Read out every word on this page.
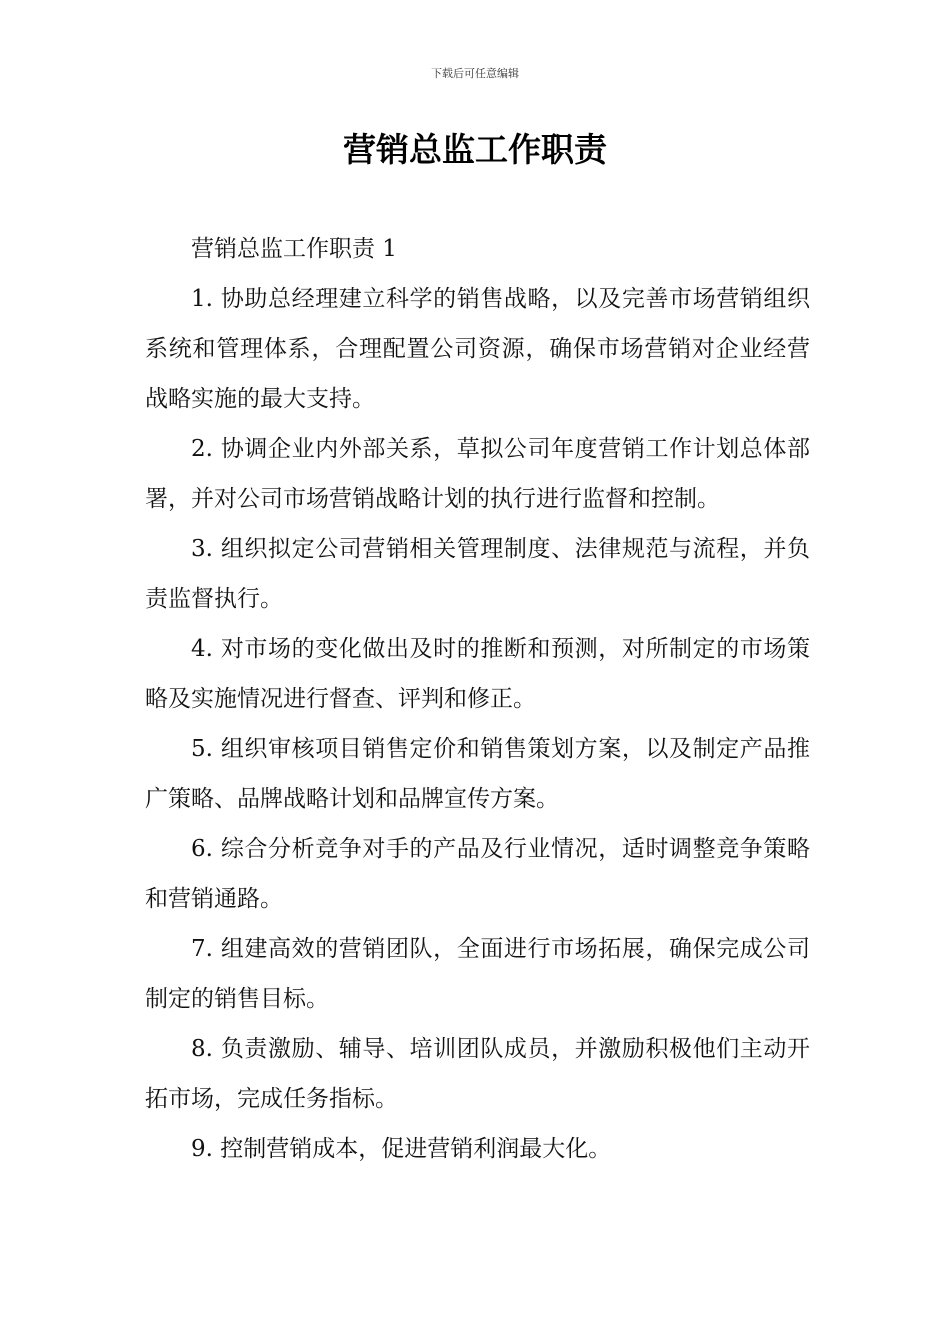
下载后可任意编辑
营销总监工作职责

营销总监工作职责 1

1. 协助总经理建立科学的销售战略，以及完善市场营销组织系统和管理体系，合理配置公司资源，确保市场营销对企业经营战略实施的最大支持。

2. 协调企业内外部关系，草拟公司年度营销工作计划总体部署，并对公司市场营销战略计划的执行进行监督和控制。

3. 组织拟定公司营销相关管理制度、法律规范与流程，并负责监督执行。

4. 对市场的变化做出及时的推断和预测，对所制定的市场策略及实施情况进行督查、评判和修正。

5. 组织审核项目销售定价和销售策划方案，以及制定产品推广策略、品牌战略计划和品牌宣传方案。

6. 综合分析竞争对手的产品及行业情况，适时调整竞争策略和营销通路。

7. 组建高效的营销团队，全面进行市场拓展，确保完成公司制定的销售目标。

8. 负责激励、辅导、培训团队成员，并激励积极他们主动开拓市场，完成任务指标。

9. 控制营销成本，促进营销利润最大化。
